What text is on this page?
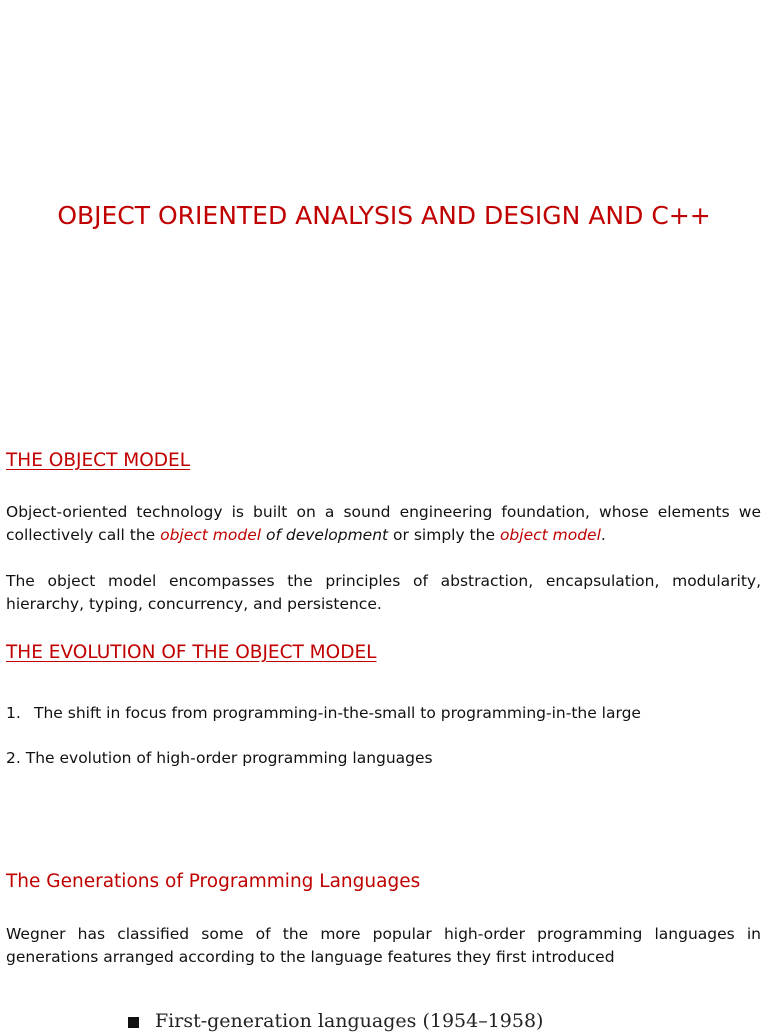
OBJECT ORIENTED ANALYSIS AND DESIGN AND C++
THE OBJECT MODEL

Object-oriented technology is built on a sound engineering foundation, whose elements we collectively call the object model of development or simply the object model.

The object model encompasses the principles of abstraction, encapsulation, modularity, hierarchy, typing, concurrency, and persistence.

THE EVOLUTION OF THE OBJECT MODEL

1. The shift in focus from programming-in-the-small to programming-in-the large

2. The evolution of high-order programming languages

The Generations of Programming Languages

Wegner has classified some of the more popular high-order programming languages in generations arranged according to the language features they first introduced

First-generation languages (1954–1958)
